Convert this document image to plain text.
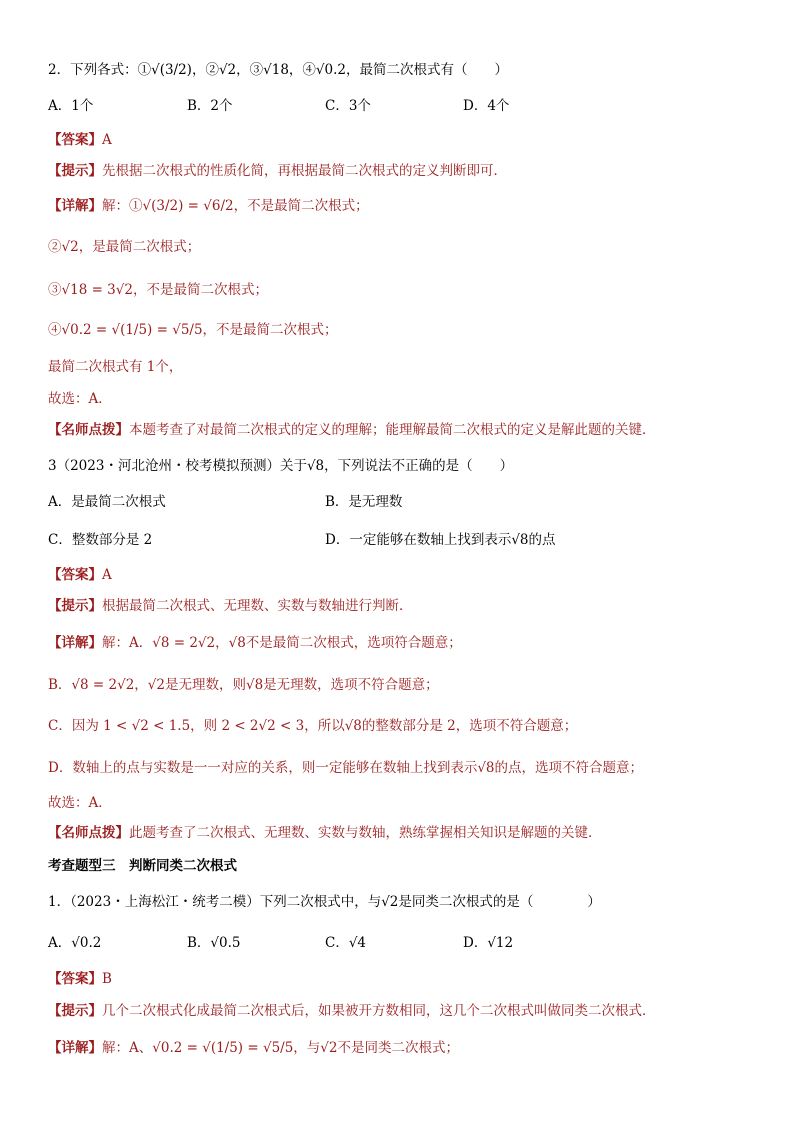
2．下列各式：①√(3/2)，②√2，③√18，④√0.2，最简二次根式有（　　）
A．1个	B．2个	C．3个	D．4个
【答案】A
【提示】先根据二次根式的性质化简，再根据最简二次根式的定义判断即可．
【详解】解：①√(3/2) = √6/2，不是最简二次根式；
②√2，是最简二次根式；
③√18 = 3√2，不是最简二次根式；
④√0.2 = √(1/5) = √5/5，不是最简二次根式；
最简二次根式有 1个，
故选：A．
【名师点拨】本题考查了对最简二次根式的定义的理解；能理解最简二次根式的定义是解此题的关键．
3（2023・河北沧州・校考模拟预测）关于√8，下列说法不正确的是（　　）
A．是最简二次根式	B．是无理数
C．整数部分是 2	D．一定能够在数轴上找到表示√8的点
【答案】A
【提示】根据最简二次根式、无理数、实数与数轴进行判断．
【详解】解：A．√8 = 2√2，√8不是最简二次根式，选项符合题意；
B．√8 = 2√2，√2是无理数，则√8是无理数，选项不符合题意；
C．因为 1 < √2 < 1.5，则 2 < 2√2 < 3，所以√8的整数部分是 2，选项不符合题意；
D．数轴上的点与实数是一一对应的关系，则一定能够在数轴上找到表示√8的点，选项不符合题意；
故选：A．
【名师点拨】此题考查了二次根式、无理数、实数与数轴，熟练掌握相关知识是解题的关键．
考查题型三　判断同类二次根式
1．（2023・上海松江・统考二模）下列二次根式中，与√2是同类二次根式的是（　　　　）
A．√0.2	B．√0.5	C．√4	D．√12
【答案】B
【提示】几个二次根式化成最简二次根式后，如果被开方数相同，这几个二次根式叫做同类二次根式．
【详解】解：A、√0.2 = √(1/5) = √5/5，与√2不是同类二次根式；
